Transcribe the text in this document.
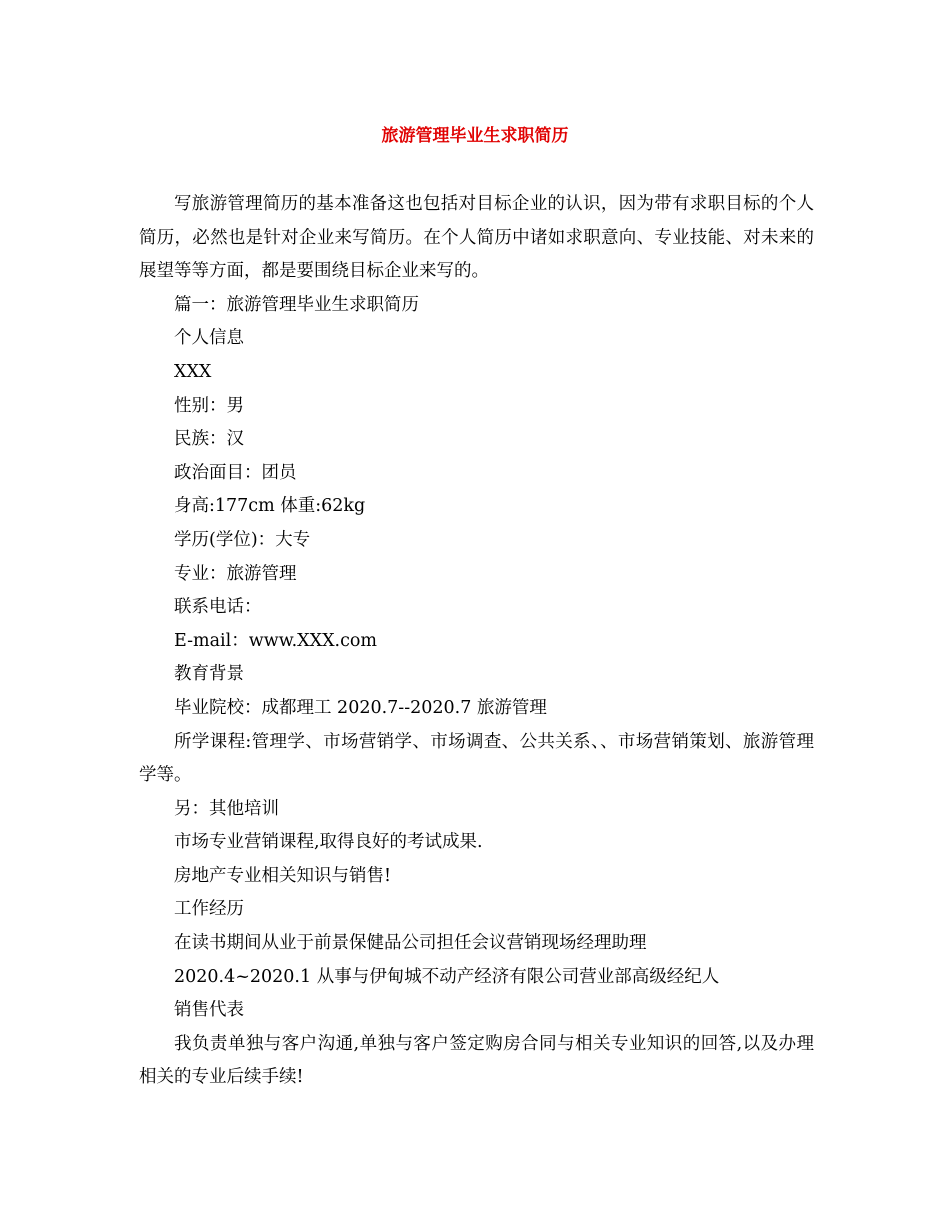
旅游管理毕业生求职简历

写旅游管理简历的基本准备这也包括对目标企业的认识，因为带有求职目标的个人简历，必然也是针对企业来写简历。在个人简历中诸如求职意向、专业技能、对未来的展望等等方面，都是要围绕目标企业来写的。

篇一：旅游管理毕业生求职简历

个人信息

XXX

性别：男

民族：汉

政治面目：团员

身高:177cm 体重:62kg

学历(学位)：大专

专业：旅游管理

联系电话：

E-mail：www.XXX.com

教育背景

毕业院校：成都理工 2020.7--2020.7 旅游管理

所学课程:管理学、市场营销学、市场调查、公共关系、、市场营销策划、旅游管理学等。

另：其他培训

市场专业营销课程,取得良好的考试成果.

房地产专业相关知识与销售!

工作经历

在读书期间从业于前景保健品公司担任会议营销现场经理助理

2020.4~2020.1 从事与伊甸城不动产经济有限公司营业部高级经纪人

销售代表

我负责单独与客户沟通,单独与客户签定购房合同与相关专业知识的回答,以及办理相关的专业后续手续!
